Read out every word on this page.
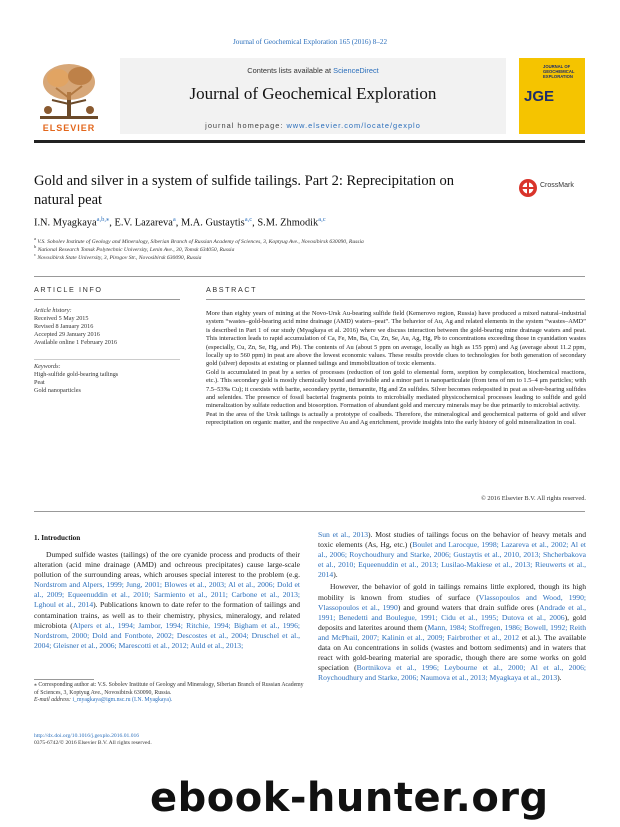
Journal of Geochemical Exploration 165 (2016) 8–22
ELSEVIER
Contents lists available at ScienceDirect
Journal of Geochemical Exploration
journal homepage: www.elsevier.com/locate/gexplo
JOURNAL OF GEOCHEMICAL EXPLORATION
JGE
Gold and silver in a system of sulfide tailings. Part 2: Reprecipitation on natural peat
CrossMark
I.N. Myagkaya$^{a,b,⁎}$, E.V. Lazareva$^a$, M.A. Gustaytis$^{a,c}$, S.M. Zhmodik$^{a,c}$
$^a$ V.S. Sobolev Institute of Geology and Mineralogy, Siberian Branch of Russian Academy of Sciences, 3, Koptyug Ave., Novosibirsk 630090, Russia
$^b$ National Research Tomsk Polytechnic University, Lenin Ave., 30, Tomsk 634050, Russia
$^c$ Novosibirsk State University, 3, Pirogov Str., Novosibirsk 630090, Russia
ARTICLE INFO
Article history:
Received 5 May 2015
Revised 8 January 2016
Accepted 29 January 2016
Available online 1 February 2016
Keywords:
High-sulfide gold-bearing tailings
Peat
Gold nanoparticles
ABSTRACT

More than eighty years of mining at the Novo-Ursk Au-bearing sulfide field (Kemerovo region, Russia) have produced a mixed natural–industrial system “wastes–gold-bearing acid mine drainage (AMD) waters–peat”. The behavior of Au, Ag and related elements in the system “wastes–AMD” is described in Part 1 of our study (Myagkaya et al. 2016) where we discuss interaction between the gold-bearing mine drainage waters and peat. This interaction leads to rapid accumulation of Ca, Fe, Mn, Ba, Cu, Zn, Se, Au, Ag, Hg, Pb to concentrations exceeding those in cyanidation wastes (especially, Cu, Zn, Se, Hg, and Pb). The contents of Au (about 5 ppm on average, locally as high as 155 ppm) and Ag (average about 11.2 ppm, locally up to 560 ppm) in peat are above the lowest economic values. These results provide clues to technologies for both generation of secondary gold (silver) deposits at existing or planned tailings and immobilization of toxic elements.

Gold is accumulated in peat by a series of processes (reduction of ion gold to elemental form, sorption by complexation, biochemical reactions, etc.). This secondary gold is mostly chemically bound and invisible and a minor part is nanoparticulate (from tens of nm to 1.5–4 μm particles; with 7.5–53‰ Cu); it coexists with barite, secondary pyrite, tiemannite, Hg and Zn sulfides. Silver becomes redeposited in peat as silver-bearing sulfides and selenides. The presence of fossil bacterial fragments points to microbially mediated physicochemical processes leading to sulfide and gold mineralization by sulfate reduction and biosorption. Formation of abundant gold and mercury minerals may be due primarily to microbial activity.

Peat in the area of the Ursk tailings is actually a prototype of coalbeds. Therefore, the mineralogical and geochemical patterns of gold and silver reprecipitation on organic matter, and the respective Au and Ag enrichment, provide insights into the early history of gold mineralization in coal.

© 2016 Elsevier B.V. All rights reserved.
1. Introduction

Dumped sulfide wastes (tailings) of the ore cyanide process and products of their alteration (acid mine drainage (AMD) and ochreous precipitates) cause large-scale pollution of the surrounding areas, which arouses special interest to the problem (e.g. Nordstrom and Alpers, 1999; Jung, 2001; Blowes et al., 2003; Al et al., 2006; Dold et al., 2009; Equeenuddin et al., 2010; Sarmiento et al., 2011; Carbone et al., 2013; Lghoul et al., 2014). Publications known to date refer to the formation of tailings and contamination trains, as well as to their chemistry, physics, mineralogy, and related microbiota (Alpers et al., 1994; Jambor, 1994; Ritchie, 1994; Bigham et al., 1996; Nordstrom, 2000; Dold and Fontbote, 2002; Descostes et al., 2004; Druschel et al., 2004; Gleisner et al., 2006; Marescotti et al., 2012; Auld et al., 2013;

Sun et al., 2013). Most studies of tailings focus on the behavior of heavy metals and toxic elements (As, Hg, etc.) (Boulet and Larocque, 1998; Lazareva et al., 2002; Al et al., 2006; Roychoudhury and Starke, 2006; Gustaytis et al., 2010, 2013; Shcherbakova et al., 2010; Equeenuddin et al., 2013; Lusilao-Makiese et al., 2013; Rieuwerts et al., 2014).

However, the behavior of gold in tailings remains little explored, though its high mobility is known from studies of surface (Vlassopoulos and Wood, 1990; Vlassopoulos et al., 1990) and ground waters that drain sulfide ores (Andrade et al., 1991; Benedetti and Boulegue, 1991; Cidu et al., 1995; Dutova et al., 2006), gold deposits and laterites around them (Mann, 1984; Stoffregen, 1986; Bowell, 1992; Reith and McPhail, 2007; Kalinin et al., 2009; Fairbrother et al., 2012 et al.). The available data on Au concentrations in solids (wastes and bottom sediments) and in waters that react with gold-bearing material are sporadic, though there are some works on gold speciation (Bortnikova et al., 1996; Leybourne et al., 2000; Al et al., 2006; Roychoudhury and Starke, 2006; Naumova et al., 2013; Myagkaya et al., 2013).

⁎ Corresponding author at: V.S. Sobolev Institute of Geology and Mineralogy, Siberian Branch of Russian Academy of Sciences, 3, Koptyug Ave., Novosibirsk 630090, Russia.
E-mail address: i_myagkaya@igm.nsc.ru (I.N. Myagkaya).
http://dx.doi.org/10.1016/j.gexplo.2016.01.016
0375-6742/© 2016 Elsevier B.V. All rights reserved.
ebook-hunter.org
